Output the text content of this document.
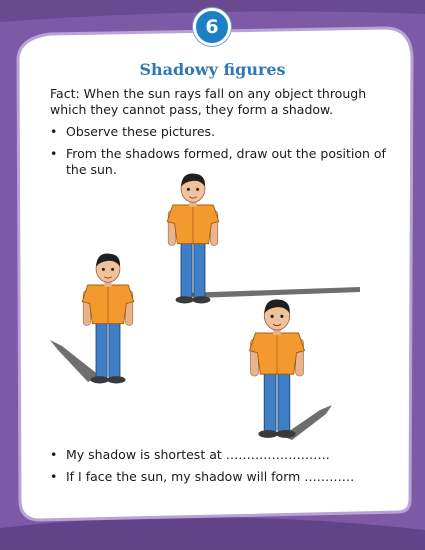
6
Shadowy figures

Fact: When the sun rays fall on any object through which they cannot pass, they form a shadow.

• Observe these pictures.
• From the shadows formed, draw out the position of the sun.
• My shadow is shortest at …………………….
• If I face the sun, my shadow will form …………
